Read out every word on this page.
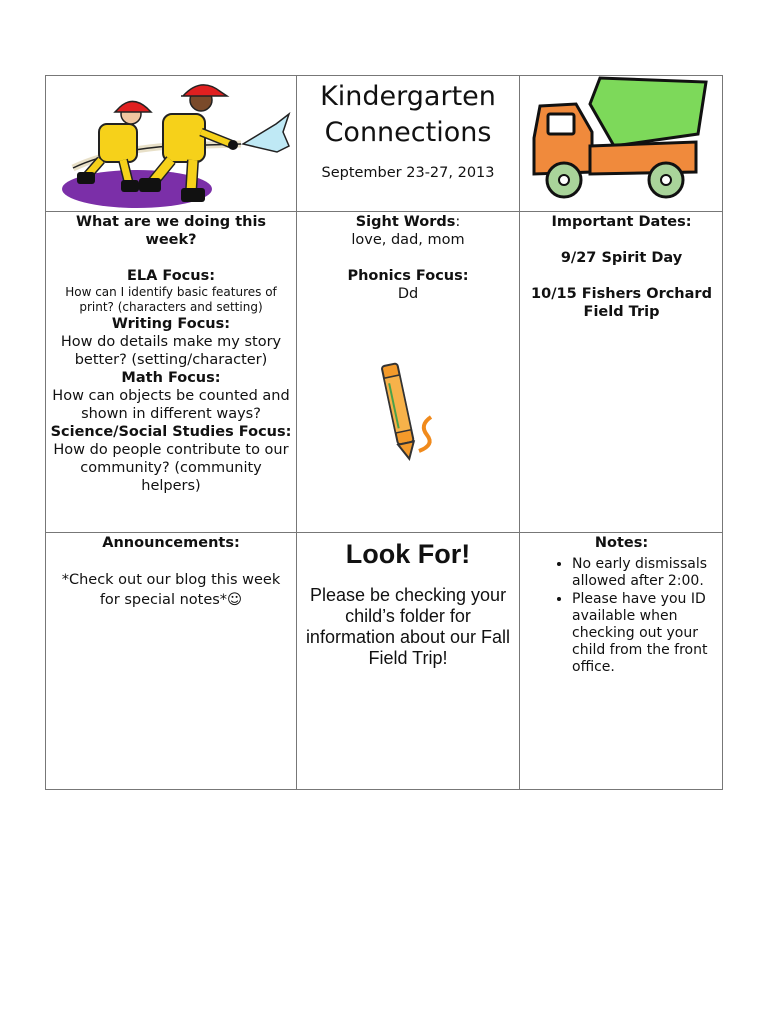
Kindergarten
Connections
September 23-27, 2013
What are we doing this week?
ELA Focus:
How can I identify basic features of print? (characters and setting)
Writing Focus:
How do details make my story better? (setting/character)
Math Focus:
How can objects be counted and shown in different ways?
Science/Social Studies Focus:
How do people contribute to our community? (community helpers)
Sight Words:
love, dad, mom
Phonics Focus:
Dd
Important Dates:
9/27 Spirit Day
10/15 Fishers Orchard Field Trip
Announcements:
*Check out our blog this week for special notes*☺
Look For!
Please be checking your child’s folder for information about our Fall Field Trip!
Notes:
• No early dismissals allowed after 2:00.
• Please have you ID available when checking out your child from the front office.
